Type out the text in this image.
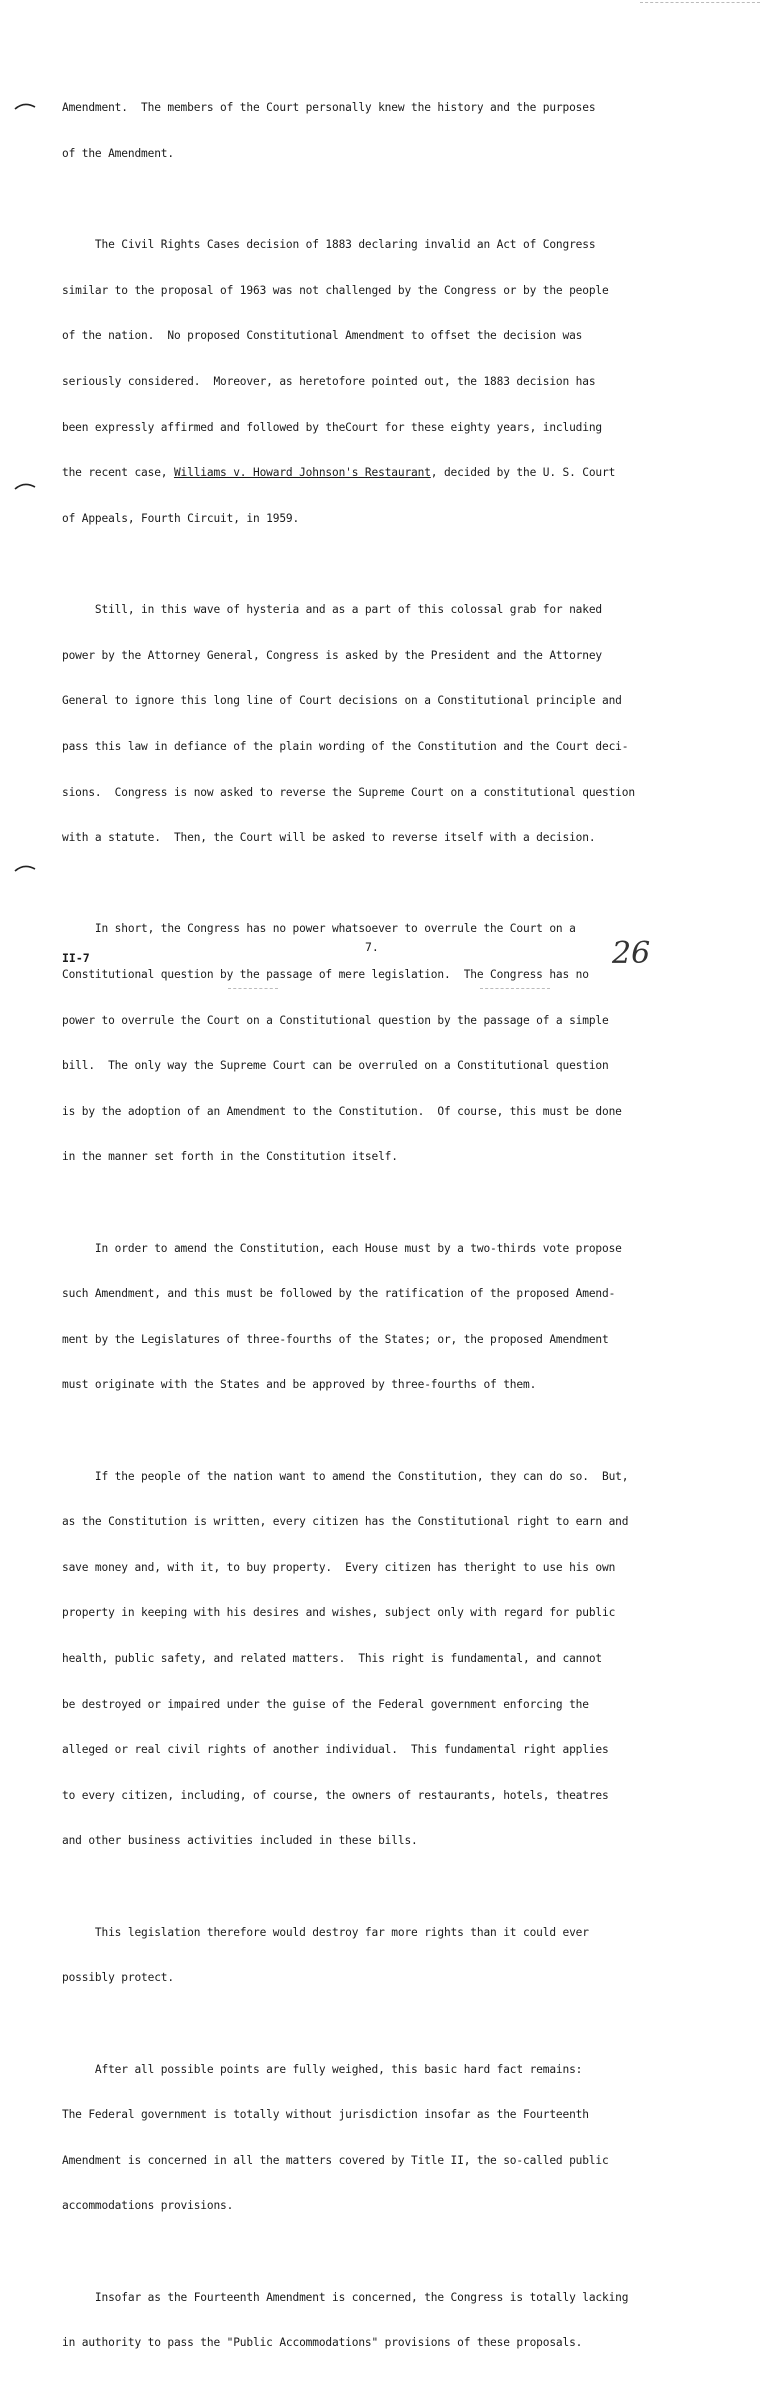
Amendment.  The members of the Court personally knew the history and the purposes

of the Amendment.

The Civil Rights Cases decision of 1883 declaring invalid an Act of Congress

similar to the proposal of 1963 was not challenged by the Congress or by the people

of the nation.  No proposed Constitutional Amendment to offset the decision was

seriously considered.  Moreover, as heretofore pointed out, the 1883 decision has

been expressly affirmed and followed by theCourt for these eighty years, including

the recent case, Williams v. Howard Johnson's Restaurant, decided by the U. S. Court

of Appeals, Fourth Circuit, in 1959.

Still, in this wave of hysteria and as a part of this colossal grab for naked

power by the Attorney General, Congress is asked by the President and the Attorney

General to ignore this long line of Court decisions on a Constitutional principle and

pass this law in defiance of the plain wording of the Constitution and the Court deci-

sions.  Congress is now asked to reverse the Supreme Court on a constitutional question

with a statute.  Then, the Court will be asked to reverse itself with a decision.

In short, the Congress has no power whatsoever to overrule the Court on a

Constitutional question by the passage of mere legislation.  The Congress has no

power to overrule the Court on a Constitutional question by the passage of a simple

bill.  The only way the Supreme Court can be overruled on a Constitutional question

is by the adoption of an Amendment to the Constitution.  Of course, this must be done

in the manner set forth in the Constitution itself.

In order to amend the Constitution, each House must by a two-thirds vote propose

such Amendment, and this must be followed by the ratification of the proposed Amend-

ment by the Legislatures of three-fourths of the States; or, the proposed Amendment

must originate with the States and be approved by three-fourths of them.

If the people of the nation want to amend the Constitution, they can do so.  But,

as the Constitution is written, every citizen has the Constitutional right to earn and

save money and, with it, to buy property.  Every citizen has theright to use his own

property in keeping with his desires and wishes, subject only with regard for public

health, public safety, and related matters.  This right is fundamental, and cannot

be destroyed or impaired under the guise of the Federal government enforcing the

alleged or real civil rights of another individual.  This fundamental right applies

to every citizen, including, of course, the owners of restaurants, hotels, theatres

and other business activities included in these bills.

This legislation therefore would destroy far more rights than it could ever

possibly protect.

After all possible points are fully weighed, this basic hard fact remains:

The Federal government is totally without jurisdiction insofar as the Fourteenth

Amendment is concerned in all the matters covered by Title II, the so-called public

accommodations provisions.

Insofar as the Fourteenth Amendment is concerned, the Congress is totally lacking

in authority to pass the "Public Accommodations" provisions of these proposals.

II-7
7.	26
